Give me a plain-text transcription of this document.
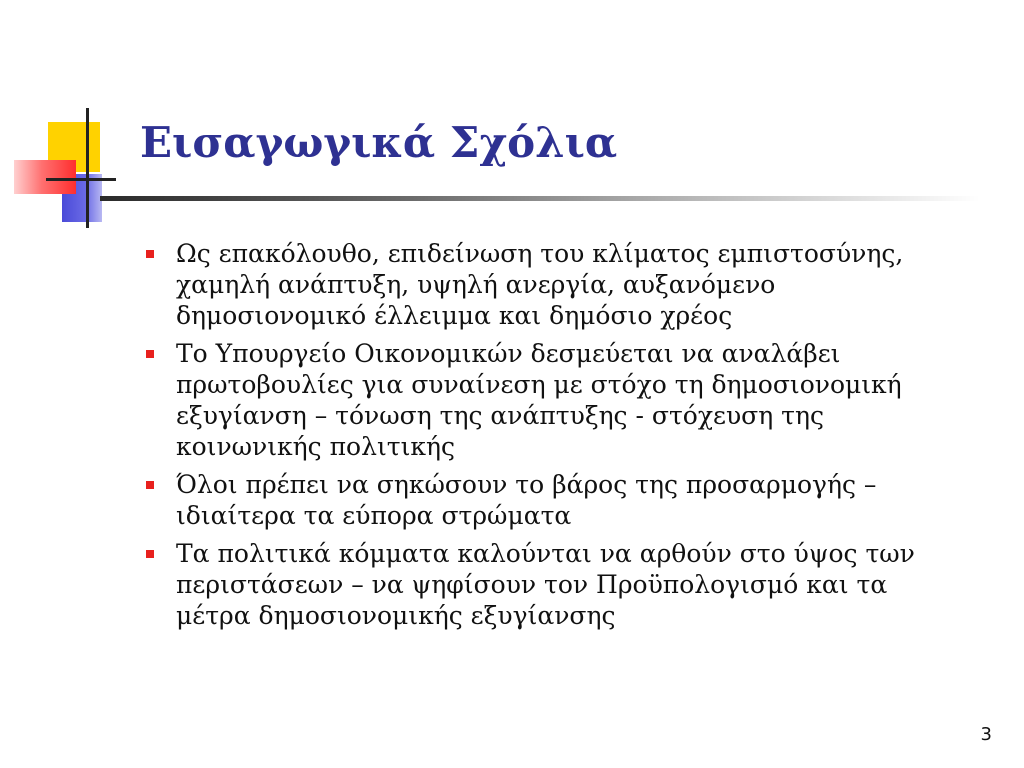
Εισαγωγικά Σχόλια
Ως επακόλουθο, επιδείνωση του κλίματος εμπιστοσύνης, χαμηλή ανάπτυξη, υψηλή ανεργία, αυξανόμενο δημοσιονομικό έλλειμμα και δημόσιο χρέος
Το Υπουργείο Οικονομικών δεσμεύεται να αναλάβει πρωτοβουλίες για συναίνεση με στόχο τη δημοσιονομική εξυγίανση – τόνωση της ανάπτυξης - στόχευση της κοινωνικής πολιτικής
Όλοι πρέπει να σηκώσουν το βάρος της προσαρμογής – ιδιαίτερα τα εύπορα στρώματα
Τα πολιτικά κόμματα καλούνται να αρθούν στο ύψος των περιστάσεων – να ψηφίσουν τον Προϋπολογισμό και τα μέτρα δημοσιονομικής εξυγίανσης
3
